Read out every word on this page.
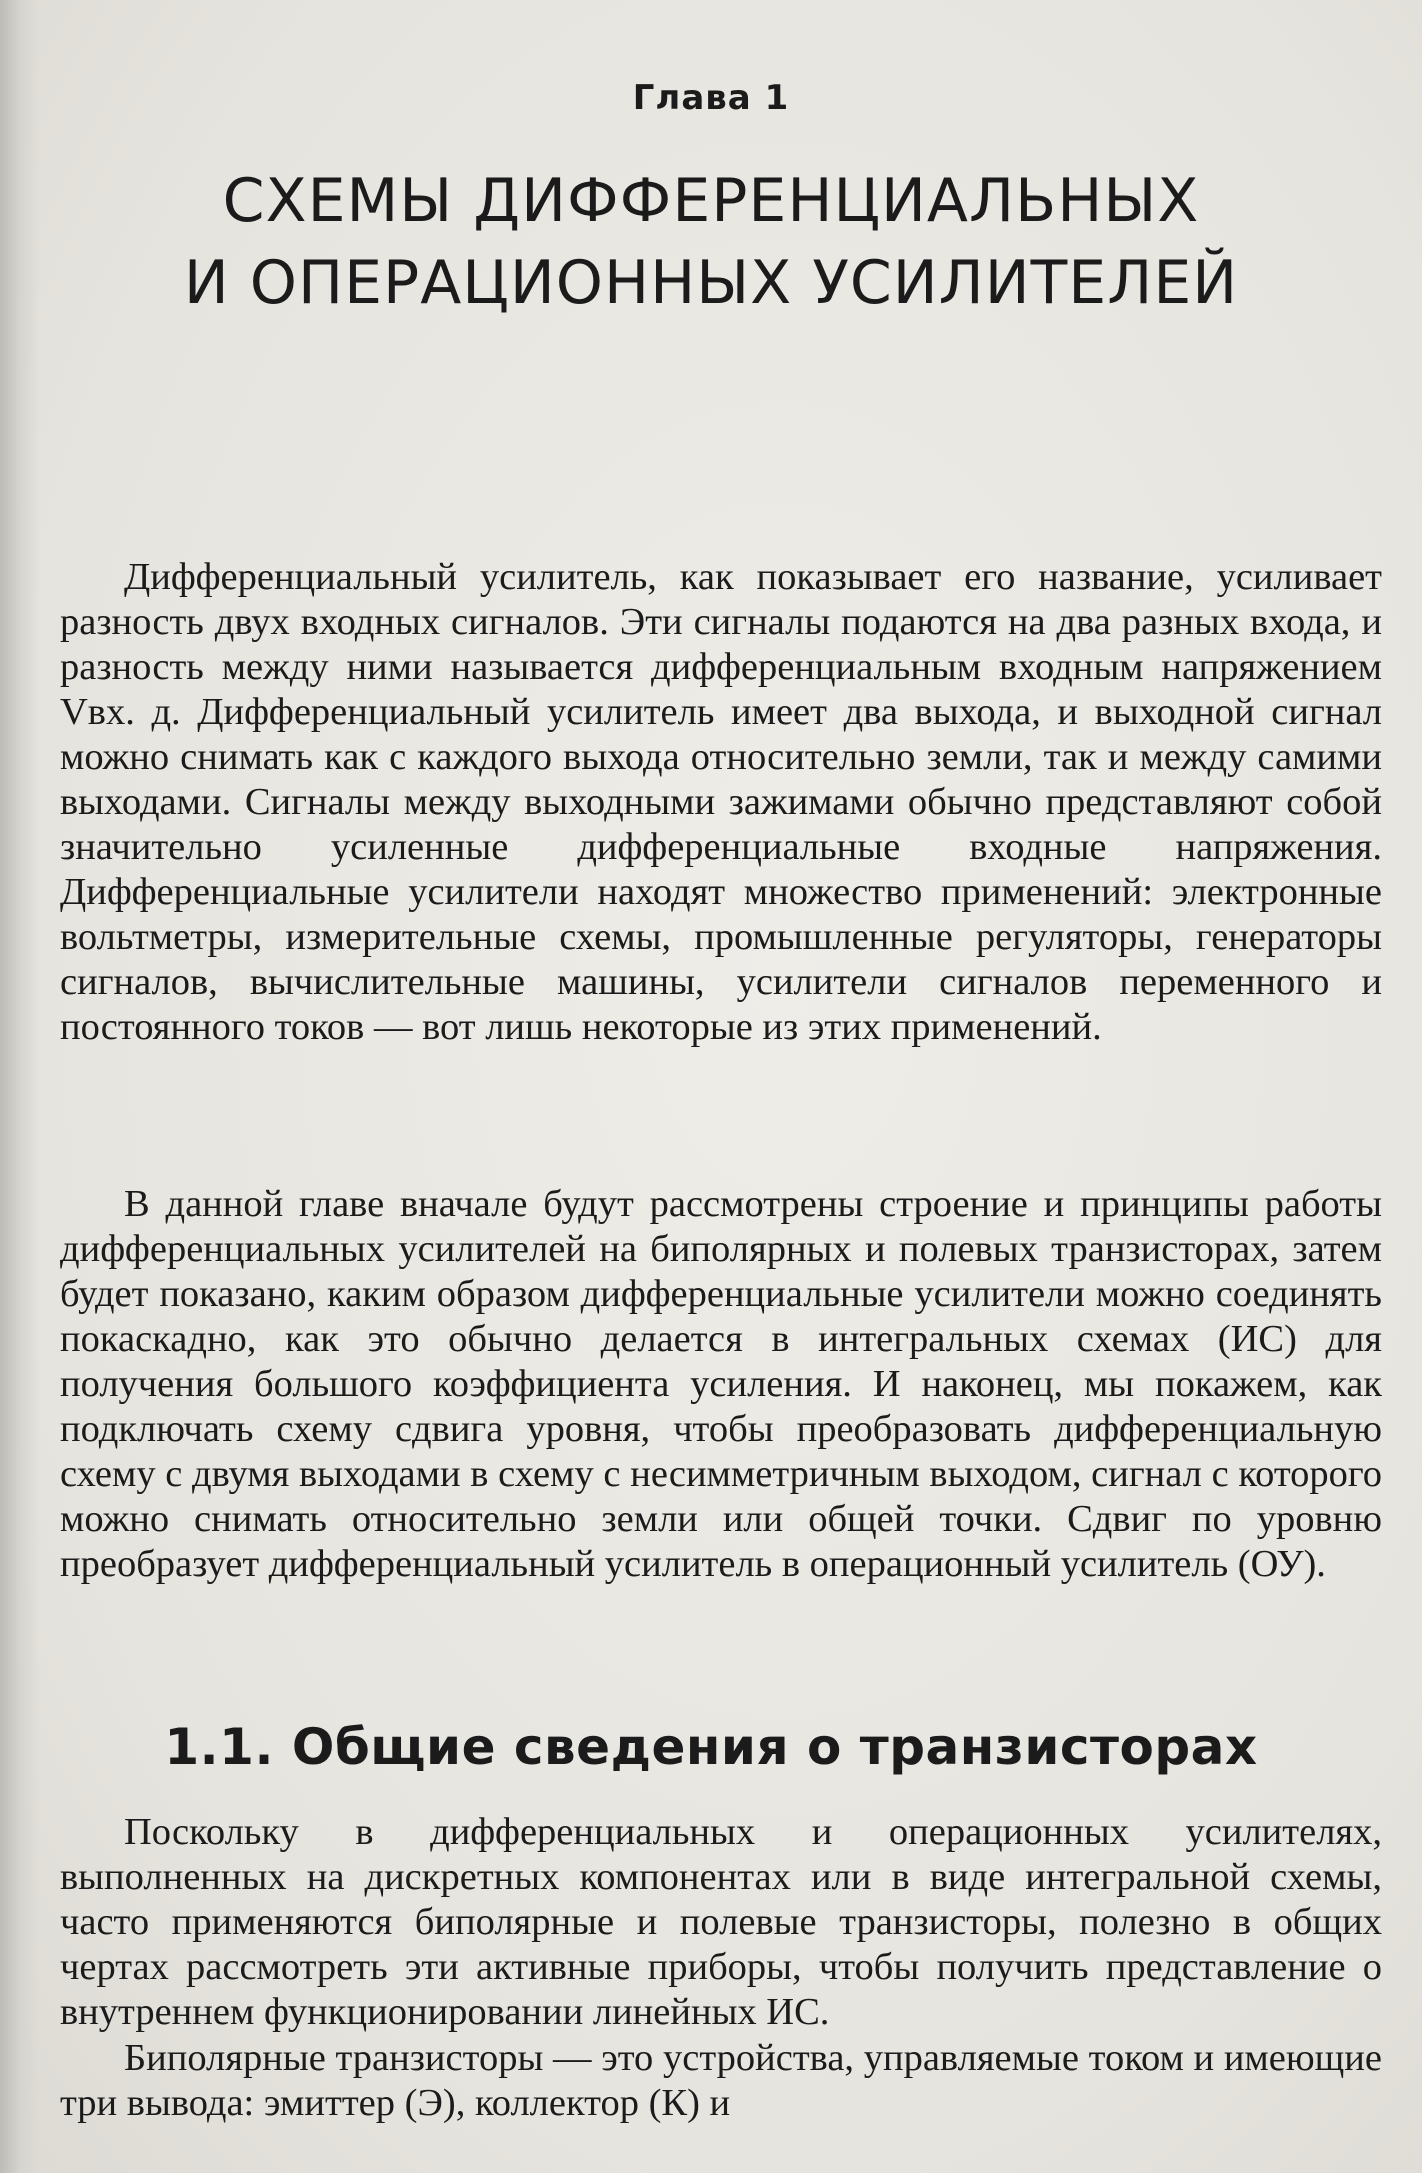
Глава 1
СХЕМЫ ДИФФЕРЕНЦИАЛЬНЫХ
И ОПЕРАЦИОННЫХ УСИЛИТЕЛЕЙ

Дифференциальный усилитель, как показывает его название, усиливает разность двух входных сигналов. Эти сигналы подаются на два разных входа, и разность между ними называется дифференциальным входным напряжением Vвх. д. Дифференциальный усилитель имеет два выхода, и выходной сигнал можно снимать как с каждого выхода относительно земли, так и между самими выходами. Сигналы между выходными зажимами обычно представляют собой значительно усиленные дифференциальные входные напряжения. Дифференциальные усилители находят множество применений: электронные вольтметры, измерительные схемы, промышленные регуляторы, генераторы сигналов, вычислительные машины, усилители сигналов переменного и постоянного токов — вот лишь некоторые из этих применений.

В данной главе вначале будут рассмотрены строение и принципы работы дифференциальных усилителей на биполярных и полевых транзисторах, затем будет показано, каким образом дифференциальные усилители можно соединять покаскадно, как это обычно делается в интегральных схемах (ИС) для получения большого коэффициента усиления. И наконец, мы покажем, как подключать схему сдвига уровня, чтобы преобразовать дифференциальную схему с двумя выходами в схему с несимметричным выходом, сигнал с которого можно снимать относительно земли или общей точки. Сдвиг по уровню преобразует дифференциальный усилитель в операционный усилитель (ОУ).

1.1. Общие сведения о транзисторах

Поскольку в дифференциальных и операционных усилителях, выполненных на дискретных компонентах или в виде интегральной схемы, часто применяются биполярные и полевые транзисторы, полезно в общих чертах рассмотреть эти активные приборы, чтобы получить представление о внутреннем функционировании линейных ИС.

Биполярные транзисторы — это устройства, управляемые током и имеющие три вывода: эмиттер (Э), коллектор (К) и
